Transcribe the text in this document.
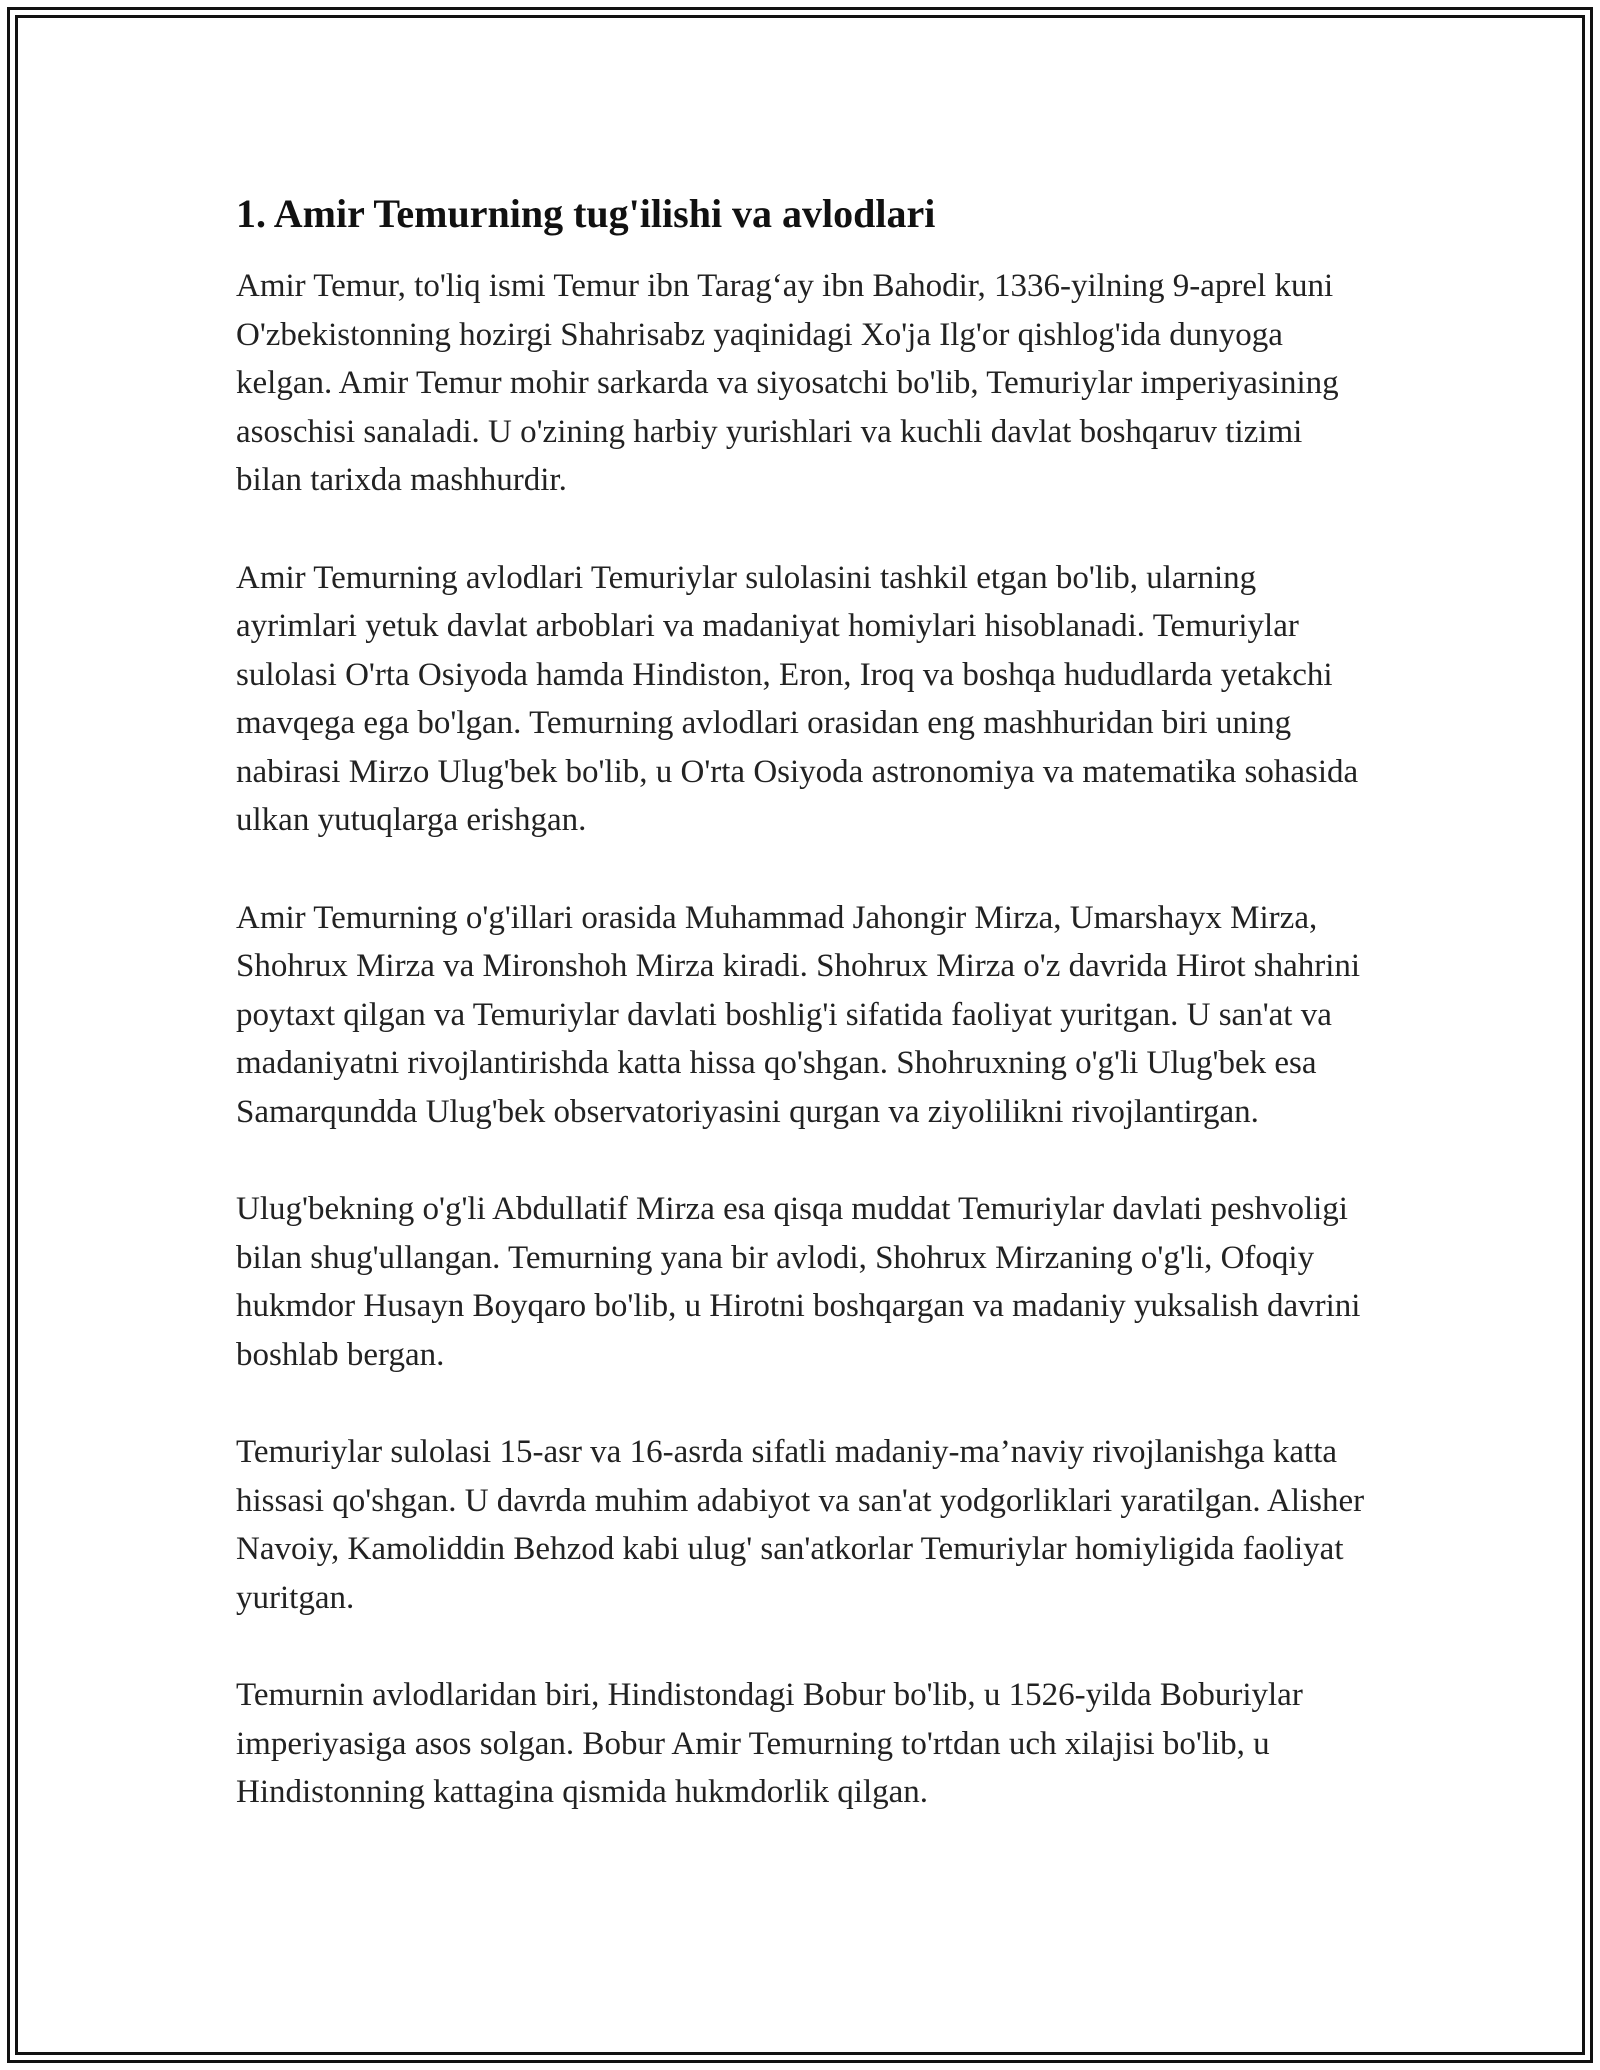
1. Amir Temurning tug'ilishi va avlodlari

Amir Temur, to'liq ismi Temur ibn Taragʻay ibn Bahodir, 1336-yilning 9-aprel kuni O'zbekistonning hozirgi Shahrisabz yaqinidagi Xo'ja Ilg'or qishlog'ida dunyoga kelgan. Amir Temur mohir sarkarda va siyosatchi bo'lib, Temuriylar imperiyasining asoschisi sanaladi. U o'zining harbiy yurishlari va kuchli davlat boshqaruv tizimi bilan tarixda mashhurdir.

Amir Temurning avlodlari Temuriylar sulolasini tashkil etgan bo'lib, ularning ayrimlari yetuk davlat arboblari va madaniyat homiylari hisoblanadi. Temuriylar sulolasi O'rta Osiyoda hamda Hindiston, Eron, Iroq va boshqa hududlarda yetakchi mavqega ega bo'lgan. Temurning avlodlari orasidan eng mashhuridan biri uning nabirasi Mirzo Ulug'bek bo'lib, u O'rta Osiyoda astronomiya va matematika sohasida ulkan yutuqlarga erishgan.

Amir Temurning o'g'illari orasida Muhammad Jahongir Mirza, Umarshayx Mirza, Shohrux Mirza va Mironshoh Mirza kiradi. Shohrux Mirza o'z davrida Hirot shahrini poytaxt qilgan va Temuriylar davlati boshlig'i sifatida faoliyat yuritgan. U san'at va madaniyatni rivojlantirishda katta hissa qo'shgan. Shohruxning o'g'li Ulug'bek esa Samarqundda Ulug'bek observatoriyasini qurgan va ziyolilikni rivojlantirgan.

Ulug'bekning o'g'li Abdullatif Mirza esa qisqa muddat Temuriylar davlati peshvoligi bilan shug'ullangan. Temurning yana bir avlodi, Shohrux Mirzaning o'g'li, Ofoqiy hukmdor Husayn Boyqaro bo'lib, u Hirotni boshqargan va madaniy yuksalish davrini boshlab bergan.

Temuriylar sulolasi 15-asr va 16-asrda sifatli madaniy-ma’naviy rivojlanishga katta hissasi qo'shgan. U davrda muhim adabiyot va san'at yodgorliklari yaratilgan. Alisher Navoiy, Kamoliddin Behzod kabi ulug' san'atkorlar Temuriylar homiyligida faoliyat yuritgan.

Temurnin avlodlaridan biri, Hindistondagi Bobur bo'lib, u 1526-yilda Boburiylar imperiyasiga asos solgan. Bobur Amir Temurning to'rtdan uch xilajisi bo'lib, u Hindistonning kattagina qismida hukmdorlik qilgan.
